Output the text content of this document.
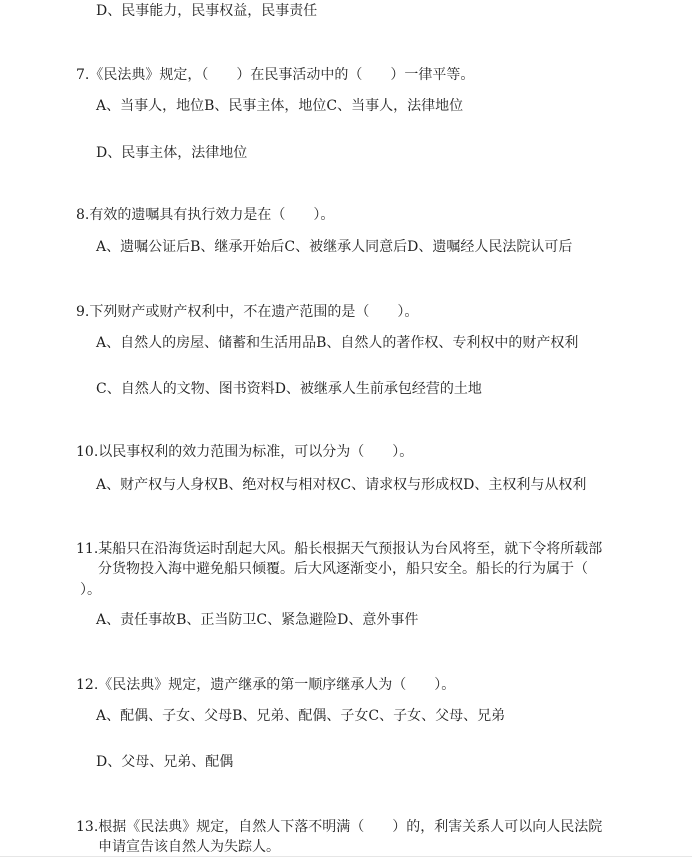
D、民事能力，民事权益，民事责任
7.《民法典》规定，（　　）在民事活动中的（　　）一律平等。
A、当事人，地位B、民事主体，地位C、当事人，法律地位
D、民事主体，法律地位
8.有效的遗嘱具有执行效力是在（　　）。
A、遗嘱公证后B、继承开始后C、被继承人同意后D、遗嘱经人民法院认可后
9.下列财产或财产权利中，不在遗产范围的是（　　）。
A、自然人的房屋、储蓄和生活用品B、自然人的著作权、专利权中的财产权利
C、自然人的文物、图书资料D、被继承人生前承包经营的土地
10.以民事权利的效力范围为标准，可以分为（　　）。
A、财产权与人身权B、绝对权与相对权C、请求权与形成权D、主权利与从权利
11.某船只在沿海货运时刮起大风。船长根据天气预报认为台风将至，就下令将所载部
分货物投入海中避免船只倾覆。后大风逐渐变小，船只安全。船长的行为属于（
）。
A、责任事故B、正当防卫C、紧急避险D、意外事件
12.《民法典》规定，遗产继承的第一顺序继承人为（　　）。
A、配偶、子女、父母B、兄弟、配偶、子女C、子女、父母、兄弟
D、父母、兄弟、配偶
13.根据《民法典》规定，自然人下落不明满（　　）的，利害关系人可以向人民法院
申请宣告该自然人为失踪人。
